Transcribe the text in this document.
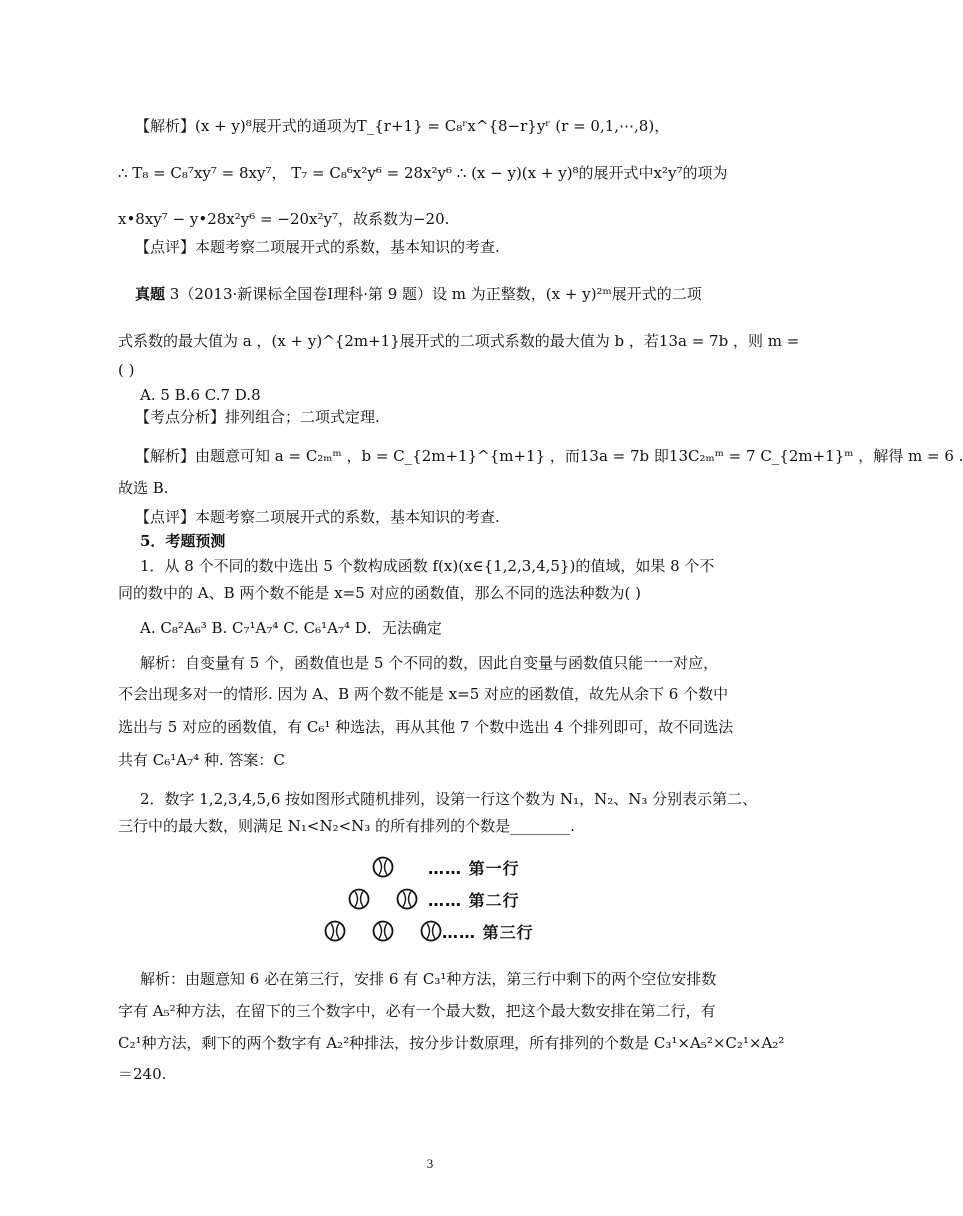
【解析】(x + y)⁸展开式的通项为T_{r+1} = C₈ʳx^{8−r}yʳ (r = 0,1,⋯,8)，
∴ T₈ = C₈⁷xy⁷ = 8xy⁷， T₇ = C₈⁶x²y⁶ = 28x²y⁶ ∴ (x − y)(x + y)⁸的展开式中x²y⁷的项为
x•8xy⁷ − y•28x²y⁶ = −20x²y⁷，故系数为−20.
【点评】本题考察二项展开式的系数，基本知识的考查.
真题 3（2013·新课标全国卷Ⅰ理科·第 9 题）设 m 为正整数，(x + y)²ᵐ展开式的二项
式系数的最大值为 a ，(x + y)^{2m+1}展开式的二项式系数的最大值为 b ，若13a = 7b ，则 m =
( )
A. 5 B.6 C.7 D.8
【考点分析】排列组合；二项式定理.
【解析】由题意可知 a = C₂ₘᵐ ，b = C_{2m+1}^{m+1} ，而13a = 7b 即13C₂ₘᵐ = 7 C_{2m+1}ᵐ ，解得 m = 6 .
故选 B.
【点评】本题考察二项展开式的系数，基本知识的考查.
5．考题预测
1．从 8 个不同的数中选出 5 个数构成函数 f(x)(x∈{1,2,3,4,5})的值域，如果 8 个不
同的数中的 A、B 两个数不能是 x=5 对应的函数值，那么不同的选法种数为( )
A. C₈²A₆³ B. C₇¹A₇⁴ C. C₆¹A₇⁴ D．无法确定
解析：自变量有 5 个，函数值也是 5 个不同的数，因此自变量与函数值只能一一对应，
不会出现多对一的情形. 因为 A、B 两个数不能是 x=5 对应的函数值，故先从余下 6 个数中
选出与 5 对应的函数值，有 C₆¹ 种选法，再从其他 7 个数中选出 4 个排列即可，故不同选法
共有 C₆¹A₇⁴ 种. 答案：C
2．数字 1,2,3,4,5,6 按如图形式随机排列，设第一行这个数为 N₁，N₂、N₃ 分别表示第二、
三行中的最大数，则满足 N₁<N₂<N₃ 的所有排列的个数是________.
解析：由题意知 6 必在第三行，安排 6 有 C₃¹种方法，第三行中剩下的两个空位安排数
字有 A₅²种方法，在留下的三个数字中，必有一个最大数，把这个最大数安排在第二行，有
C₂¹种方法，剩下的两个数字有 A₂²种排法，按分步计数原理，所有排列的个数是 C₃¹×A₅²×C₂¹×A₂²
＝240.
…… 第一行
…… 第二行
…… 第三行
3
